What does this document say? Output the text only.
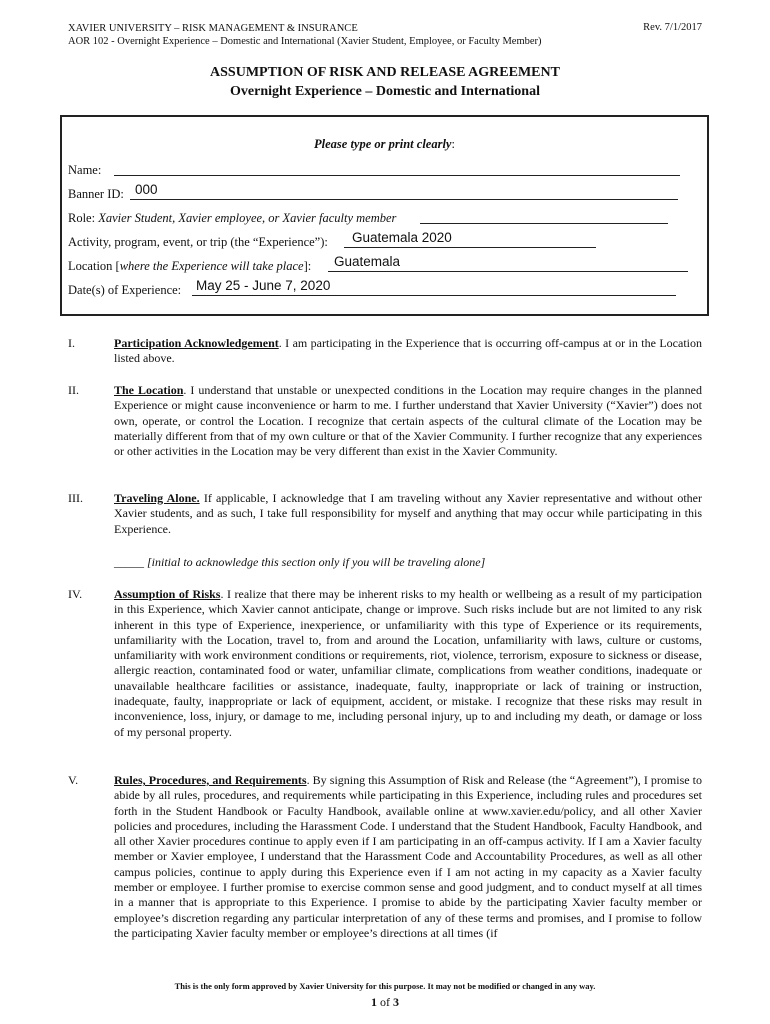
XAVIER UNIVERSITY – RISK MANAGEMENT & INSURANCE
AOR 102 - Overnight Experience – Domestic and International (Xavier Student, Employee, or Faculty Member)
Rev. 7/1/2017
ASSUMPTION OF RISK AND RELEASE AGREEMENT
Overnight Experience – Domestic and International
Please type or print clearly:
Name:
Banner ID: 000
Role: Xavier Student, Xavier employee, or Xavier faculty member
Activity, program, event, or trip (the “Experience”): Guatemala 2020
Location [where the Experience will take place]: Guatemala
Date(s) of Experience: May 25 - June 7, 2020
I.	Participation Acknowledgement. I am participating in the Experience that is occurring off-campus at or in the Location listed above.
II.	The Location. I understand that unstable or unexpected conditions in the Location may require changes in the planned Experience or might cause inconvenience or harm to me. I further understand that Xavier University (“Xavier”) does not own, operate, or control the Location. I recognize that certain aspects of the cultural climate of the Location may be materially different from that of my own culture or that of the Xavier Community. I further recognize that any experiences or other activities in the Location may be very different than exist in the Xavier Community.
III.	Traveling Alone. If applicable, I acknowledge that I am traveling without any Xavier representative and without other Xavier students, and as such, I take full responsibility for myself and anything that may occur while participating in this Experience.
_____ [initial to acknowledge this section only if you will be traveling alone]
IV.	Assumption of Risks. I realize that there may be inherent risks to my health or wellbeing as a result of my participation in this Experience, which Xavier cannot anticipate, change or improve. Such risks include but are not limited to any risk inherent in this type of Experience, inexperience, or unfamiliarity with this type of Experience or its requirements, unfamiliarity with the Location, travel to, from and around the Location, unfamiliarity with laws, culture or customs, unfamiliarity with work environment conditions or requirements, riot, violence, terrorism, exposure to sickness or disease, allergic reaction, contaminated food or water, unfamiliar climate, complications from weather conditions, inadequate or unavailable healthcare facilities or assistance, inadequate, faulty, inappropriate or lack of training or instruction, inadequate, faulty, inappropriate or lack of equipment, accident, or mistake. I recognize that these risks may result in inconvenience, loss, injury, or damage to me, including personal injury, up to and including my death, or damage or loss of my personal property.
V.	Rules, Procedures, and Requirements. By signing this Assumption of Risk and Release (the “Agreement”), I promise to abide by all rules, procedures, and requirements while participating in this Experience, including rules and procedures set forth in the Student Handbook or Faculty Handbook, available online at www.xavier.edu/policy, and all other Xavier policies and procedures, including the Harassment Code. I understand that the Student Handbook, Faculty Handbook, and all other Xavier procedures continue to apply even if I am participating in an off-campus activity. If I am a Xavier faculty member or Xavier employee, I understand that the Harassment Code and Accountability Procedures, as well as all other campus policies, continue to apply during this Experience even if I am not acting in my capacity as a Xavier faculty member or employee. I further promise to exercise common sense and good judgment, and to conduct myself at all times in a manner that is appropriate to this Experience. I promise to abide by the participating Xavier faculty member or employee’s discretion regarding any particular interpretation of any of these terms and promises, and I promise to follow the participating Xavier faculty member or employee’s directions at all times (if
This is the only form approved by Xavier University for this purpose. It may not be modified or changed in any way.
1 of 3
